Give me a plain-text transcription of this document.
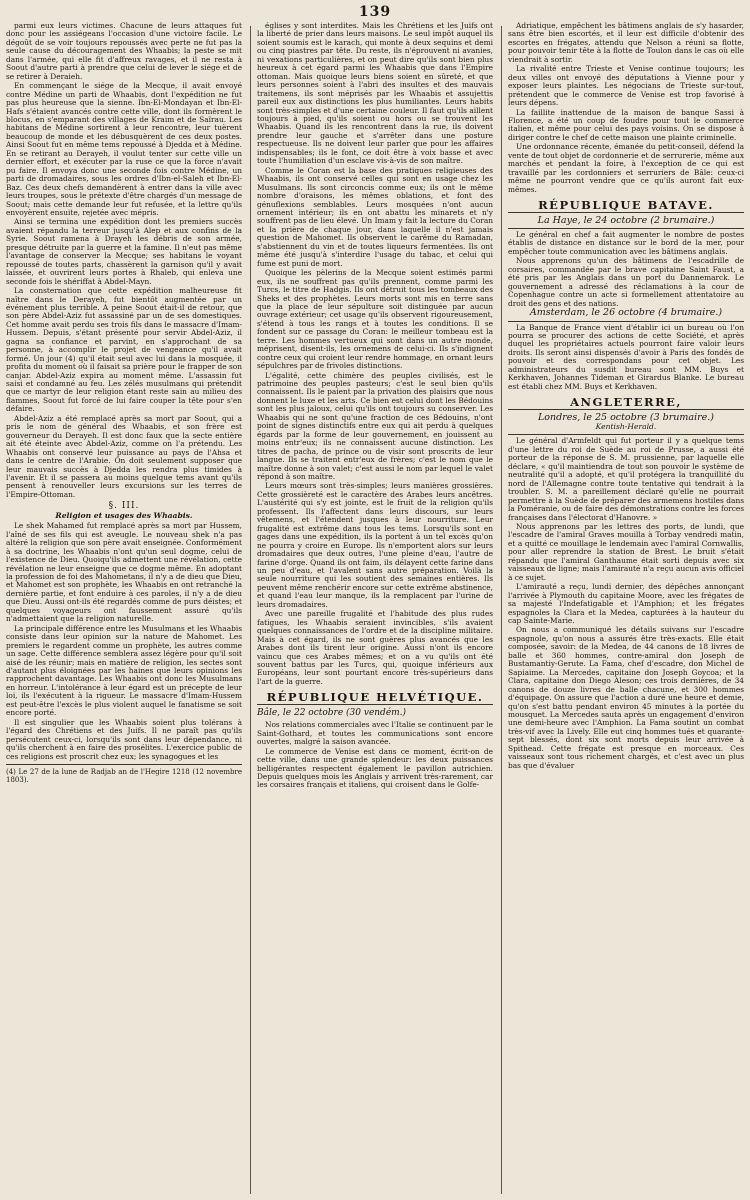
139

parmi eux leurs victimes. Chacune de leurs attaques fut donc pour les assiégeans l'occasion d'une victoire facile. Le dégoût de se voir toujours repoussés avec perte ne fut pas la seule cause du découragement des Whaabis; la peste se mit dans l'armée, qui elle fit d'affreux ravages, et il ne resta à Soout d'autre parti à prendre que celui de lever le siége et de se retirer à Deraieh.

En commençant le siége de la Mecque, il avait envoyé contre Médine un parti de Whaabis, dont l'expédition ne fut pas plus heureuse que la sienne. Ibn-El-Mondayan et Ibn-El-Hafs s'étaient avancés contre cette ville, dont ils formèrent le blocus, en s'emparant des villages de Kraim et de Saïrau. Les habitans de Médine sortirent à leur rencontre, leur tuèrent beaucoup de monde et les débusquèrent de ces deux postes. Ainsi Soout fut en même tems repoussé à Djedda et à Médine. En se retirant au Derayeh, il voulut tenter sur cette ville un dernier effort, et exécuter par la ruse ce que la force n'avait pu faire. Il envoya donc une seconde fois contre Médine, un parti de dromadaires, sous les ordres d'Ibn-el-Saleh et Ibn-El-Baz. Ces deux chefs demandèrent à entrer dans la ville avec leurs troupes, sous le prétexte d'être chargés d'un message de Soout; mais cette demande leur fut refusée, et la lettre qu'ils envoyèrent ensuite, rejetée avec mépris.

Ainsi se termina une expédition dont les premiers succès avaient répandu la terreur jusqu'à Alep et aux confins de la Syrie. Soout ramena à Drayeh les débris de son armée, presque détruite par la guerre et la famine. Il n'eut pas même l'avantage de conserver la Mecque; ses habitans le voyant repoussé de toutes parts, chassèrent la garnison qu'il y avait laissée, et ouvrirent leurs portes à Rhaleb, qui enleva une seconde fois le shériffat à Abdel-Mayn.

La consternation que cette expédition malheureuse fit naître dans le Derayeh, fut bientôt augmentée par un événement plus terrible. A peine Soout était-il de retour, que son père Abdel-Aziz fut assassiné par un de ses domestiques. Cet homme avait perdu ses trois fils dans le massacre d'Imam-Hussem. Depuis, s'étant présenté pour servir Abdel-Aziz, il gagna sa confiance et parvint, en s'approchant de sa personne, à accomplir le projet de vengeance qu'il avait formé. Un jour (4) qu'il était seul avec lui dans la mosquée, il profita du moment où il faisait sa prière pour le frapper de son canjar. Abdel-Aziz expira au moment même. L'assassin fut saisi et condamné au feu. Les zélés musulmans qui prétendit que ce martyr de leur religion étant reste sain au milieu des flammes, Soout fut forcé de lui faire couper la tête pour s'en défaire.

Abdel-Aziz a été remplacé après sa mort par Soout, qui a pris le nom de général des Whaabis, et son frère est gouverneur du Derayeh. Il est donc faux que la secte entière ait été éteinte avec Abdel-Aziz, comme on l'a prétendu. Les Whaabis ont conservé leur puissance au pays de l'Ahsa et dans le centre de l'Arabie. On doit seulement supposer que leur mauvais succès à Djedda les rendra plus timides à l'avenir. Et il se passera au moins quelque tems avant qu'ils pensent à renouveller leurs excursions sur les terres de l'Empire-Ottoman.

§. III.
Religion et usages des Whaabis.

Le shek Mahamed fut remplacé après sa mort par Hussem, l'aîné de ses fils qui est aveugle. Le nouveau shek n'a pas altéré la religion que son père avait enseignée. Conformément à sa doctrine, les Whaabis n'ont qu'un seul dogme, celui de l'existence de Dieu. Quoiqu'ils admettent une révélation, cette révélation ne leur enseigne que ce dogme même. En adoptant la profession de foi des Mahometans, il n'y a de dieu que Dieu, et Mahomet est son prophète, les Whaabis en ont retranché la dernière partie, et font enduire à ces paroles, il n'y a de dieu que Dieu. Aussi ont-ils été regardés comme de purs déistes; et quelques voyageurs ont faussement assuré qu'ils n'admettaient que la religion naturelle.

La principale différence entre les Musulmans et les Whaabis consiste dans leur opinion sur la nature de Mahomet. Les premiers le regardent comme un prophète, les autres comme un sage. Cette différence semblera assez légère pour qu'il soit aisé de les réunir; mais en matière de religion, les sectes sont d'autant plus éloignées par les haines que leurs opinions les rapprochent davantage. Les Whaabis ont donc les Musulmans en horreur. L'intolérance à leur égard est un précepte de leur loi, ils l'exécutent à la rigueur. Le massacre d'Imam-Hussem est peut-être l'excès le plus violent auquel le fanatisme se soit encore porté.

Il est singulier que les Whaabis soient plus tolérans à l'égard des Chrétiens et des Juifs. Il ne paraît pas qu'ils persécutent ceux-ci, lorsqu'ils sont dans leur dépendance, ni qu'ils cherchent à en faire des prosélites. L'exercice public de ces religions est proscrit chez eux; les synagogues et les

(4) Le 27 de la lune de Radjab an de l'Hegire 1218 (12 novembre 1803).

églises y sont interdites. Mais les Chrétiens et les Juifs ont la liberté de prier dans leurs maisons. Le seul impôt auquel ils soient soumis est le karach, qui monte à deux sequins et demi ou cinq piastres par tête. Du reste, ils n'éprouvent ni avanies, ni vexations particulières, et on peut dire qu'ils sont bien plus heureux à cet égard parmi les Whaabis que dans l'Empire ottoman. Mais quoique leurs biens soient en sûreté, et que leurs personnes soient à l'abri des insultes et des mauvais traitemens, ils sont méprisés par les Whaabis et assujettis pareil eux aux distinctions les plus humiliantes. Leurs habits sont très-simples et d'une certaine couleur. Il faut qu'ils aillent toujours à pied, qu'ils soient ou hors ou se trouvent les Whaabis. Quand ils les rencontrent dans la rue, ils doivent prendre leur gauche et s'arrêter dans une posture respectueuse. Ils ne doivent leur parler que pour les affaires indispensables; ils le font, ce doit être à voix basse et avec toute l'humiliation d'un esclave vis-à-vis de son maître.

Comme le Coran est la base des pratiques religieuses des Whaabis, ils ont conservé celles qui sont en usage chez les Musulmans. Ils sont circoncis comme eux; ils ont le même nombre d'oraisons, les mêmes oblations, et font des génuflexions semblables. Leurs mosquées n'ont aucun ornement intérieur; ils en ont abattu les minarets et n'y souffrent pas de lieu élevé. Un Imam y fait la lecture du Coran et la prière de chaque jour, dans laquelle il n'est jamais question de Mahomet. Ils observent le carême du Ramadan, s'abstiennent du vin et de toutes liqueurs fermentées. Ils ont même été jusqu'à s'interdire l'usage du tabac, et celui qui fume est puni de mort.

Quoique les pèlerins de la Mecque soient estimés parmi eux, ils ne souffrent pas qu'ils prennent, comme parmi les Turcs, le titre de Hadgis. Ils ont détruit tous les tombeaux des Sheks et des prophètes. Leurs morts sont mis en terre sans que la place de leur sépulture soit distinguée par aucun ouvrage extérieur; cet usage qu'ils observent rigoureusement, s'étend à tous les rangs et à toutes les conditions. Il se fondent sur ce passage du Coran: le meilleur tombeau est la terre. Les hommes vertueux qui sont dans un autre monde, méprisent, disent-ils, les ornemens de celui-ci. Ils s'indignent contre ceux qui croient leur rendre hommage, en ornant leurs sépulchres par de frivoles distinctions.

L'égalité, cette chimère des peuples civilisés, est le patrimoine des peuples pasteurs; c'est le seul bien qu'ils connaissent. Ils le paient par la privation des plaisirs que nous donnent le luxe et les arts. Ce bien est celui dont les Bédouins sont les plus jaloux, celui qu'ils ont toujours su conserver. Les Whaabis qui ne sont qu'une fraction de ces Bédouins, n'ont point de signes distinctifs entre eux qui ait perdu à quelques égards par la forme de leur gouvernement, en jouissent au moins entr'eux; ils ne connaissent aucune distinction. Les titres de pacha, de prince ou de visir sont proscrits de leur langue. Ils se traitent entr'eux de frères; c'est le nom que le maître donne à son valet; c'est aussi le nom par lequel le valet répond à son maître.

Leurs mœurs sont très-simples; leurs manières grossières. Cette grossièreté est le caractère des Arabes leurs ancêtres. L'austérité qui s'y est jointe, est le fruit de la religion qu'ils professent. Ils l'affectent dans leurs discours, sur leurs vêtemens, et l'étendent jusques à leur nourriture. Leur frugalité est extrême dans tous les tems. Lorsqu'ils sont en gages dans une expédition, ils la portent à un tel excès qu'on ne pourra y croire en Europe. Ils n'emportent alors sur leurs dromadaires que deux outres, l'une pleine d'eau, l'autre de farine d'orge. Quand ils ont faim, ils délayent cette farine dans un peu d'eau, et l'avalent sans autre préparation. Voilà la seule nourriture qui les soutient des semaines entières. Ils peuvent même renchérir encore sur cette extrême abstinence, et quand l'eau leur manque, ils la remplacent par l'urine de leurs dromadaires.

Avec une pareille frugalité et l'habitude des plus rudes fatigues, les Whaabis seraient invincibles, s'ils avaient quelques connaissances de l'ordre et de la discipline militaire. Mais à cet égard, ils ne sont guères plus avancés que les Arabes dont ils tirent leur origine. Aussi n'ont ils encore vaincu que ces Arabes mêmes; et on a vu qu'ils ont été souvent battus par les Turcs, qui, quoique inférieurs aux Européans, leur sont pourtant encore très-supérieurs dans l'art de la guerre.

RÉPUBLIQUE HELVÉTIQUE.
Bâle, le 22 octobre (30 vendém.)

Nos relations commerciales avec l'Italie se continuent par le Saint-Gothard, et toutes les communications sont encore ouvertes, malgré la saison avancée.

Le commerce de Venise est dans ce moment, écrit-on de cette ville, dans une grande splendeur: les deux puissances belligérantes respectent également le pavillon autrichien. Depuis quelques mois les Anglais y arrivent très-rarement, car les corsaires français et italiens, qui croisent dans le Golfe-

Adriatique, empêchent les bâtimens anglais de s'y hasarder, sans être bien escortés, et il leur est difficile d'obtenir des escortes en frégates, attendu que Nelson a réuni sa flotte, pour pouvoir tenir tête à la flotte de Toulon dans le cas où elle viendrait à sortir.

La rivalité entre Trieste et Venise continue toujours; les deux villes ont envoyé des députations à Vienne pour y exposer leurs plaintes. Les négocians de Trieste sur-tout, prétendent que le commerce de Venise est trop favorisé à leurs dépens.

La faillite inattendue de la maison de banque Sassi à Florence, a été un coup de foudre pour tout le commerce italien, et même pour celui des pays voisins. On se dispose à diriger contre le chef de cette maison une plainte criminelle.

Une ordonnance récente, émanée du petit-conseil, défend la vente de tout objet de cordonnerie et de serrurerie, même aux marchés et pendant la foire, à l'exception de ce qui est travaillé par les cordonniers et serruriers de Bâle: ceux-ci même ne pourront vendre que ce qu'ils auront fait eux-mêmes.

RÉPUBLIQUE BATAVE.
La Haye, le 24 octobre (2 brumaire.)

Le général en chef a fait augmenter le nombre de postes établis de distance en distance sur le bord de la mer, pour empêcher toute communication avec les bâtimens anglais.

Nous apprenons qu'un des bâtimens de l'escadrille de corsaires, commandée par le brave capitaine Saint Faust, a été pris par les Anglais dans un port du Dannemarck. Le gouvernement a adressé des réclamations à la cour de Copenhague contre un acte si formellement attentatoire au droit des gens et des nations.

Amsterdam, le 26 octobre (4 brumaire.)

La Banque de France vient d'établir ici un bureau où l'on pourra se procurer des actions de cette Société, et après duquel les propriétaires actuels pourront faire valoir leurs droits. Ils seront ainsi dispensés d'avoir à Paris des fondés de pouvoir et des correspondans pour cet objet. Les administrateurs du susdit bureau sont MM. Buys et Kerkhaven, Johannes Tideman et Girardus Blanke. Le bureau est établi chez MM. Buys et Kerkhaven.

ANGLETERRE,
Londres, le 25 octobre (3 brumaire.)
Kentish-Herald.

Le général d'Armfeldt qui fut porteur il y a quelque tems d'une lettre du roi de Suède au roi de Prusse, a aussi été porteur de la réponse de S. M. prussienne, par laquelle elle déclare, « qu'il maintiendra de tout son pouvoir le système de neutralité qu'il a adopté, et qu'il protégera la tranquillité du nord de l'Allemagne contre toute tentative qui tendrait à la troubler. S. M. a pareillement déclaré qu'elle ne pourrait permettre à la Suède de préparer des armemens hostiles dans la Poméranie, ou de faire des démonstrations contre les forces françaises dans l'électorat d'Hanovre. »

Nous apprenons par les lettres des ports, de lundi, que l'escadre de l'amiral Graves mouilla à Torbay vendredi matin, et a quitté ce mouillage le lendemain avec l'amiral Cornwallis, pour aller reprendre la station de Brest. Le bruit s'était répandu que l'amiral Ganthaume était sorti depuis avec six vaisseaux de ligne; mais l'amirauté n'a reçu aucun avis officiel à ce sujet.

L'amirauté a reçu, lundi dernier, des dépêches annonçant l'arrivée à Plymouth du capitaine Moore, avec les frégates de sa majesté l'Indefatigable et l'Amphion; et les frégates espagnoles la Clara et la Medea, capturées à la hauteur du cap Sainte-Marie.

On nous a communiqué les détails suivans sur l'escadre espagnole, qu'on nous a assurés être très-exacts. Elle était composée, savoir: de la Medea, de 44 canons de 18 livres de balle et 360 hommes, contre-amiral don Joseph de Bustamantiy-Gerute. La Fama, chef d'escadre, don Michel de Sapiaime. La Mercedes, capitaine don Joseph Goycoa; et la Clara, capitaine don Diego Aleson; ces trois dernières, de 34 canons de douze livres de balle chacune, et 300 hommes d'équipage. On assure que l'action a duré une heure et demie, qu'on s'est battu pendant environ 45 minutes à la portée du mousquet. La Mercedes sauta après un engagement d'environ une demi-heure avec l'Amphion. La Fama soutint un combat très-vif avec la Lively. Elle eut cinq hommes tués et quarante-sept blessés, dont six sont morts depuis leur arrivée à Spithead. Cette frégate est presque en morceaux. Ces vaisseaux sont tous richement chargés, et c'est avec un plus bas que d'évaluer
